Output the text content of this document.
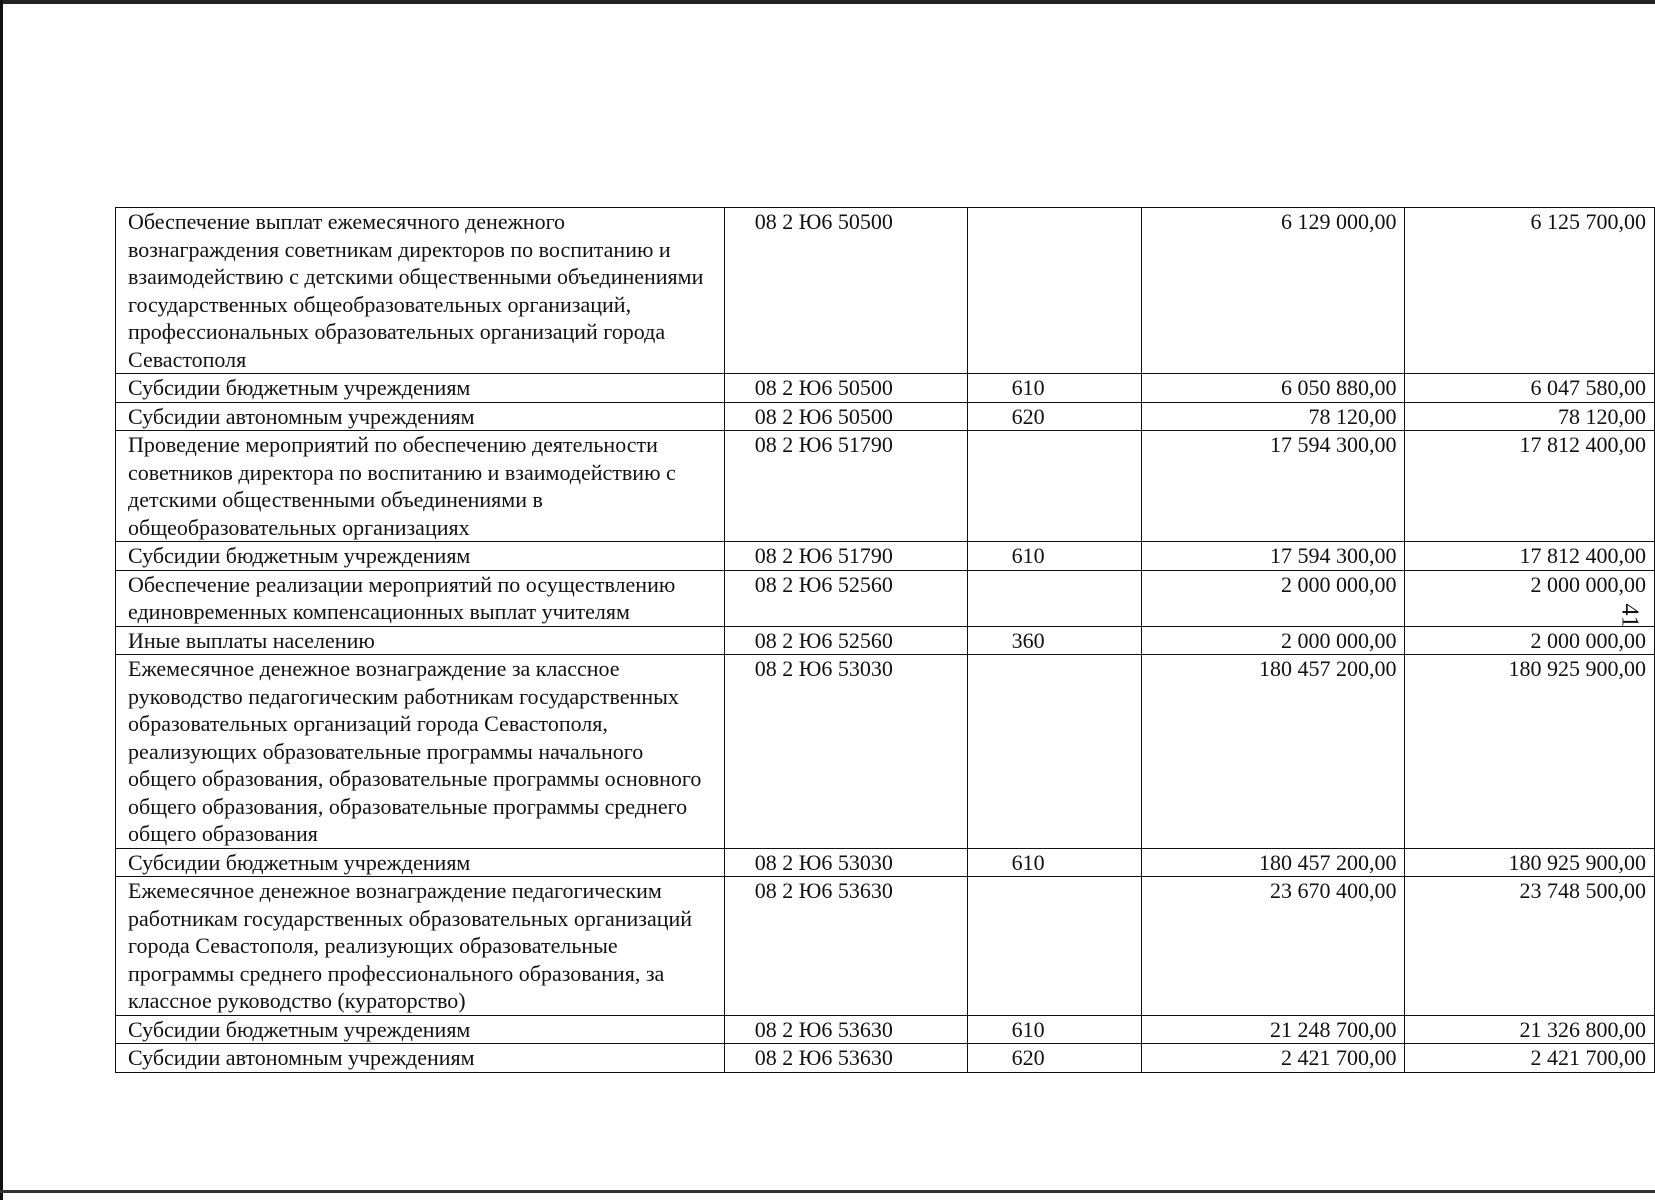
Обеспечение выплат ежемесячного денежного вознаграждения советникам директоров по воспитанию и взаимодействию с детскими общественными объединениями государственных общеобразовательных организаций, профессиональных образовательных организаций города Севастополя	08 2 Ю6 50500		6 129 000,00	6 125 700,00
Субсидии бюджетным учреждениям	08 2 Ю6 50500	610	6 050 880,00	6 047 580,00
Субсидии автономным учреждениям	08 2 Ю6 50500	620	78 120,00	78 120,00
Проведение мероприятий по обеспечению деятельности советников директора по воспитанию и взаимодействию с детскими общественными объединениями в общеобразовательных организациях	08 2 Ю6 51790		17 594 300,00	17 812 400,00
Субсидии бюджетным учреждениям	08 2 Ю6 51790	610	17 594 300,00	17 812 400,00
Обеспечение реализации мероприятий по осуществлению единовременных компенсационных выплат учителям	08 2 Ю6 52560		2 000 000,00	2 000 000,00
Иные выплаты населению	08 2 Ю6 52560	360	2 000 000,00	2 000 000,00
Ежемесячное денежное вознаграждение за классное руководство педагогическим работникам государственных образовательных организаций города Севастополя, реализующих образовательные программы начального общего образования, образовательные программы основного общего образования, образовательные программы среднего общего образования	08 2 Ю6 53030		180 457 200,00	180 925 900,00
Субсидии бюджетным учреждениям	08 2 Ю6 53030	610	180 457 200,00	180 925 900,00
Ежемесячное денежное вознаграждение педагогическим работникам государственных образовательных организаций города Севастополя, реализующих образовательные программы среднего профессионального образования, за классное руководство (кураторство)	08 2 Ю6 53630		23 670 400,00	23 748 500,00
Субсидии бюджетным учреждениям	08 2 Ю6 53630	610	21 248 700,00	21 326 800,00
Субсидии автономным учреждениям	08 2 Ю6 53630	620	2 421 700,00	2 421 700,00
41
